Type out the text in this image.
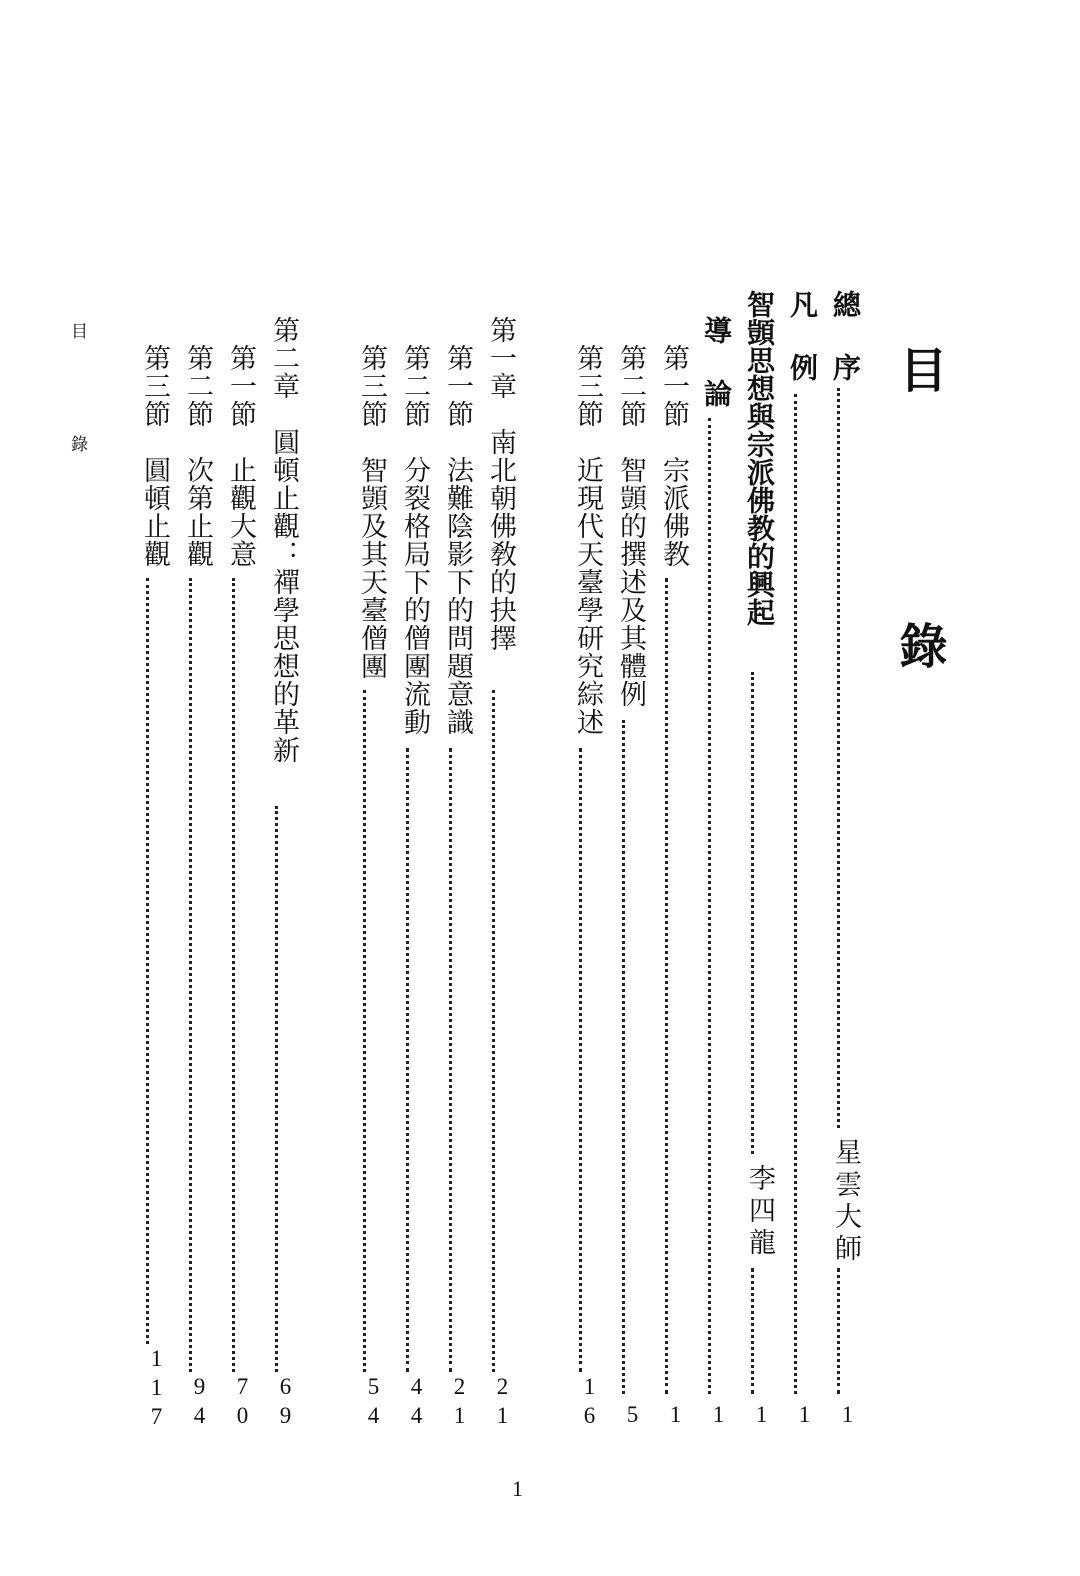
目 錄
目 錄	總 序
星雲大師
1
凡 例
1
智顗思想與宗派佛教的興起
李四龍
1
導 論
1
第一節　宗派佛教
1
第二節　智顗的撰述及其體例
5
第三節　近現代天臺學研究綜述
16
第一章　南北朝佛敎的抉擇
21
第一節　法難陰影下的問題意識
21
第二節　分裂格局下的僧團流動
44
第三節　智顗及其天臺僧團
54
第二章　圓頓止觀：禪學思想的革新
69
第一節　止觀大意
70
第二節　次第止觀
94
第三節　圓頓止觀
117
1
